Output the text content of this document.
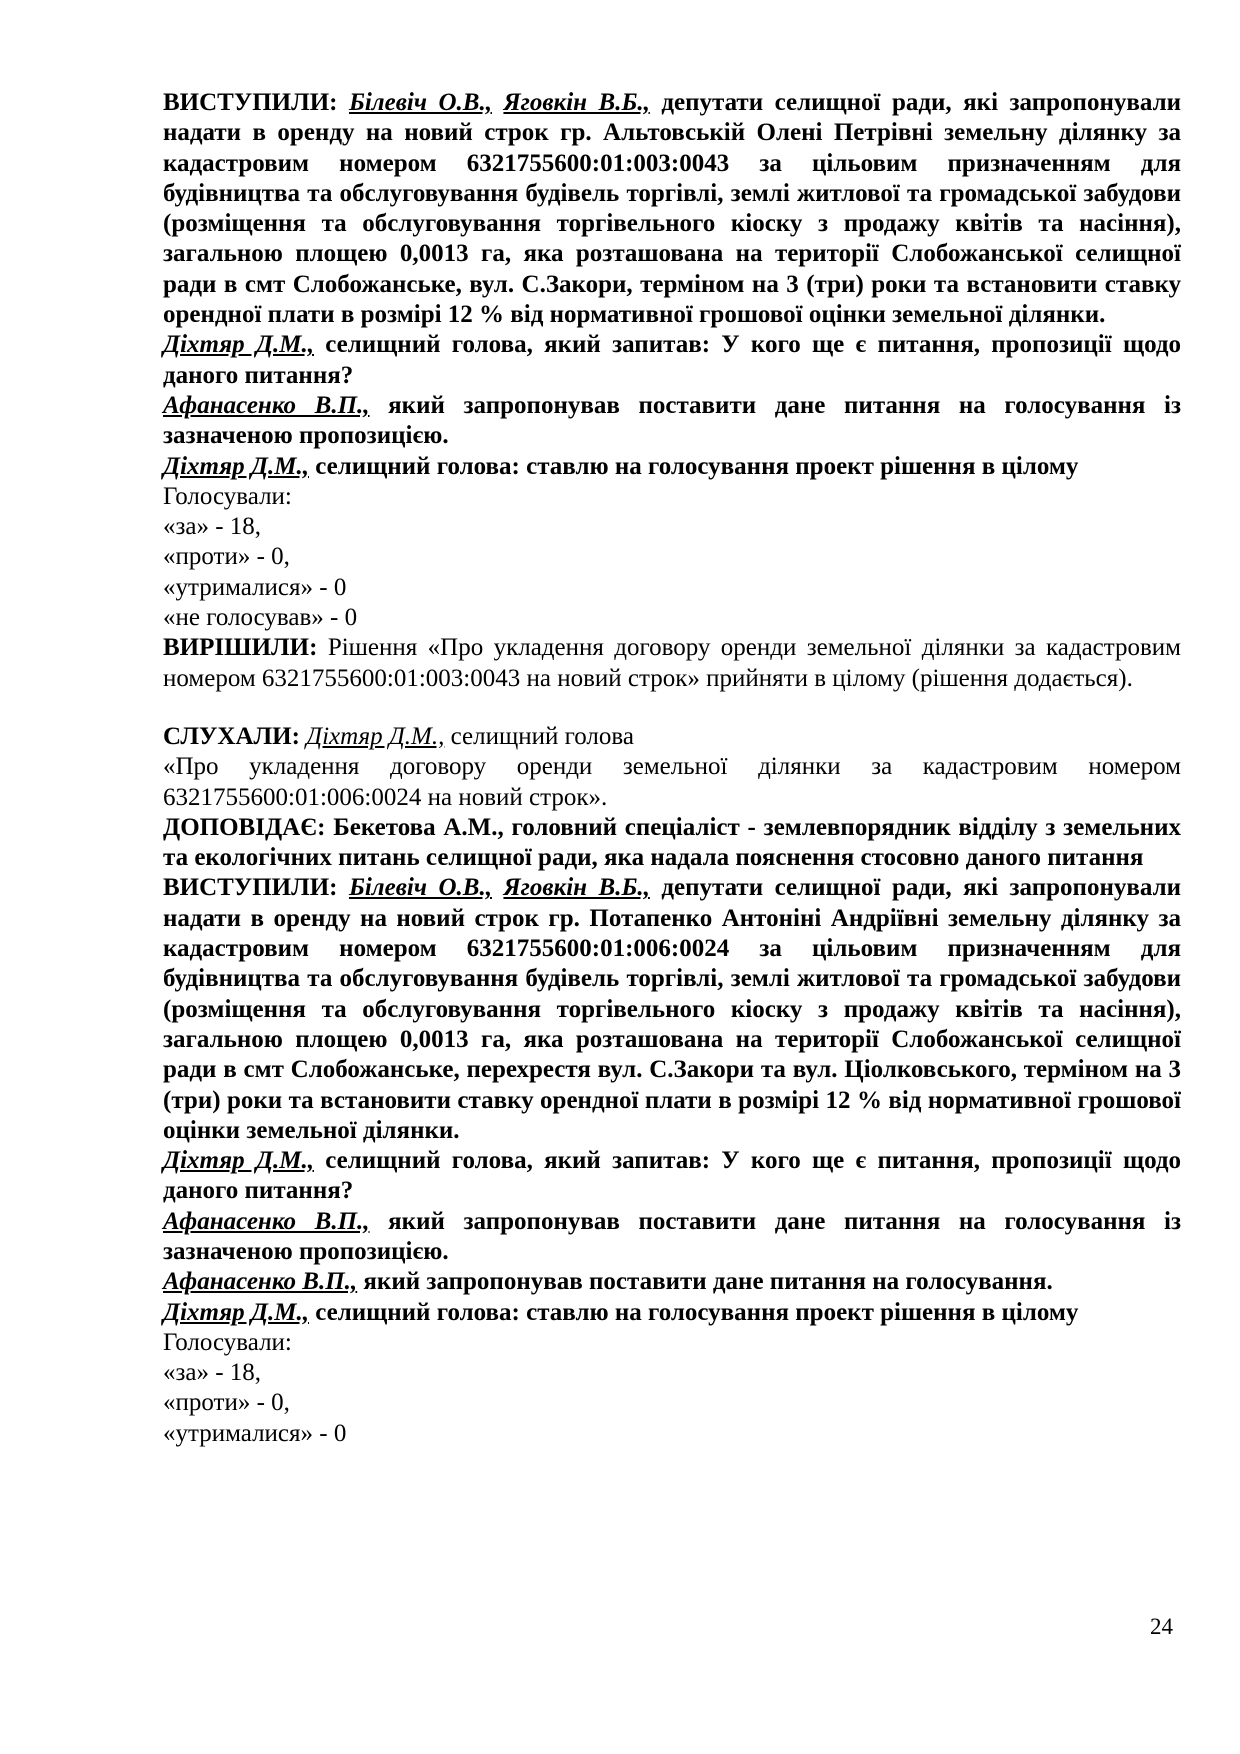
ВИСТУПИЛИ: Білевіч О.В., Яговкін В.Б., депутати селищної ради, які запропонували надати в оренду на новий строк гр. Альтовській Олені Петрівні земельну ділянку за кадастровим номером 6321755600:01:003:0043 за цільовим призначенням для будівництва та обслуговування будівель торгівлі, землі житлової та громадської забудови (розміщення та обслуговування торгівельного кіоску з продажу квітів та насіння), загальною площею 0,0013 га, яка розташована на території Слобожанської селищної ради в смт Слобожанське, вул. С.Закори, терміном на 3 (три) роки та встановити ставку орендної плати в розмірі 12 % від нормативної грошової оцінки земельної ділянки.

Діхтяр Д.М., селищний голова, який запитав: У кого ще є питання, пропозиції щодо даного питання?

Афанасенко В.П., який запропонував поставити дане питання на голосування із зазначеною пропозицією.

Діхтяр Д.М., селищний голова: ставлю на голосування проект рішення в цілому

Голосували:

«за» - 18,

«проти» - 0,

«утрималися» - 0

«не голосував» - 0

ВИРІШИЛИ: Рішення «Про укладення договору оренди земельної ділянки за кадастровим номером 6321755600:01:003:0043 на новий строк» прийняти в цілому (рішення додається).

СЛУХАЛИ: Діхтяр Д.М., селищний голова

«Про укладення договору оренди земельної ділянки за кадастровим номером 6321755600:01:006:0024 на новий строк».

ДОПОВІДАЄ: Бекетова А.М., головний спеціаліст - землевпорядник відділу з земельних та екологічних питань селищної ради, яка надала пояснення стосовно даного питання

ВИСТУПИЛИ: Білевіч О.В., Яговкін В.Б., депутати селищної ради, які запропонували надати в оренду на новий строк гр. Потапенко Антоніні Андріївні земельну ділянку за кадастровим номером 6321755600:01:006:0024 за цільовим призначенням для будівництва та обслуговування будівель торгівлі, землі житлової та громадської забудови (розміщення та обслуговування торгівельного кіоску з продажу квітів та насіння), загальною площею 0,0013 га, яка розташована на території Слобожанської селищної ради в смт Слобожанське, перехрестя вул. С.Закори та вул. Ціолковського, терміном на 3 (три) роки та встановити ставку орендної плати в розмірі 12 % від нормативної грошової оцінки земельної ділянки.

Діхтяр Д.М., селищний голова, який запитав: У кого ще є питання, пропозиції щодо даного питання?

Афанасенко В.П., який запропонував поставити дане питання на голосування із зазначеною пропозицією.

Афанасенко В.П., який запропонував поставити дане питання на голосування.

Діхтяр Д.М., селищний голова: ставлю на голосування проект рішення в цілому

Голосували:

«за» - 18,

«проти» - 0,

«утрималися» - 0

24
